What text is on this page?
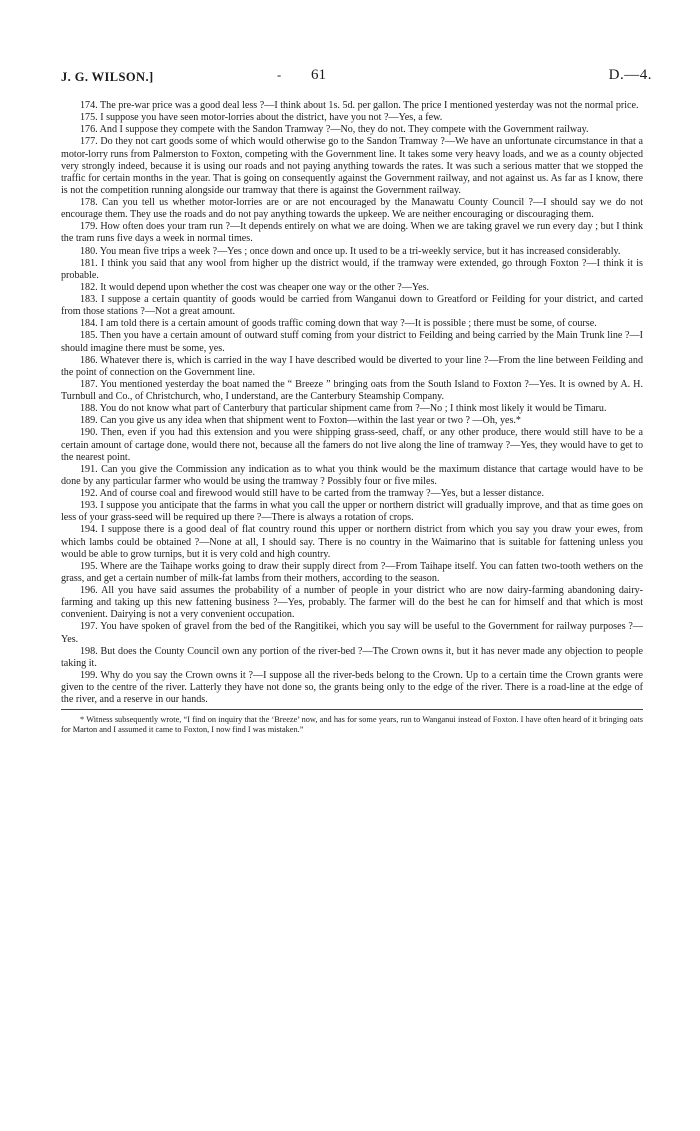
J. G. WILSON.]	- 61	D.—4.

174. The pre-war price was a good deal less ?—I think about 1s. 5d. per gallon. The price I mentioned yesterday was not the normal price.

175. I suppose you have seen motor-lorries about the district, have you not ?—Yes, a few.

176. And I suppose they compete with the Sandon Tramway ?—No, they do not. They compete with the Government railway.

177. Do they not cart goods some of which would otherwise go to the Sandon Tramway ?—We have an unfortunate circumstance in that a motor-lorry runs from Palmerston to Foxton, competing with the Government line. It takes some very heavy loads, and we as a county objected very strongly indeed, because it is using our roads and not paying anything towards the rates. It was such a serious matter that we stopped the traffic for certain months in the year. That is going on consequently against the Government railway, and not against us. As far as I know, there is not the competition running alongside our tramway that there is against the Government railway.

178. Can you tell us whether motor-lorries are or are not encouraged by the Manawatu County Council ?—I should say we do not encourage them. They use the roads and do not pay anything towards the upkeep. We are neither encouraging or discouraging them.

179. How often does your tram run ?—It depends entirely on what we are doing. When we are taking gravel we run every day ; but I think the tram runs five days a week in normal times.

180. You mean five trips a week ?—Yes ; once down and once up. It used to be a tri-weekly service, but it has increased considerably.

181. I think you said that any wool from higher up the district would, if the tramway were extended, go through Foxton ?—I think it is probable.

182. It would depend upon whether the cost was cheaper one way or the other ?—Yes.

183. I suppose a certain quantity of goods would be carried from Wanganui down to Greatford or Feilding for your district, and carted from those stations ?—Not a great amount.

184. I am told there is a certain amount of goods traffic coming down that way ?—It is possible ; there must be some, of course.

185. Then you have a certain amount of outward stuff coming from your district to Feilding and being carried by the Main Trunk line ?—I should imagine there must be some, yes.

186. Whatever there is, which is carried in the way I have described would be diverted to your line ?—From the line between Feilding and the point of connection on the Government line.

187. You mentioned yesterday the boat named the “ Breeze ” bringing oats from the South Island to Foxton ?—Yes. It is owned by A. H. Turnbull and Co., of Christchurch, who, I understand, are the Canterbury Steamship Company.

188. You do not know what part of Canterbury that particular shipment came from ?—No ; I think most likely it would be Timaru.

189. Can you give us any idea when that shipment went to Foxton—within the last year or two ? —Oh, yes.*

190. Then, even if you had this extension and you were shipping grass-seed, chaff, or any other produce, there would still have to be a certain amount of cartage done, would there not, because all the famers do not live along the line of tramway ?—Yes, they would have to get to the nearest point.

191. Can you give the Commission any indication as to what you think would be the maximum distance that cartage would have to be done by any particular farmer who would be using the tramway ? Possibly four or five miles.

192. And of course coal and firewood would still have to be carted from the tramway ?—Yes, but a lesser distance.

193. I suppose you anticipate that the farms in what you call the upper or northern district will gradually improve, and that as time goes on less of your grass-seed will be required up there ?—There is always a rotation of crops.

194. I suppose there is a good deal of flat country round this upper or northern district from which you say you draw your ewes, from which lambs could be obtained ?—None at all, I should say. There is no country in the Waimarino that is suitable for fattening unless you would be able to grow turnips, but it is very cold and high country.

195. Where are the Taihape works going to draw their supply direct from ?—From Taihape itself. You can fatten two-tooth wethers on the grass, and get a certain number of milk-fat lambs from their mothers, according to the season.

196. All you have said assumes the probability of a number of people in your district who are now dairy-farming abandoning dairy-farming and taking up this new fattening business ?—Yes, probably. The farmer will do the best he can for himself and that which is most convenient. Dairying is not a very convenient occupation.

197. You have spoken of gravel from the bed of the Rangitikei, which you say will be useful to the Government for railway purposes ?—Yes.

198. But does the County Council own any portion of the river-bed ?—The Crown owns it, but it has never made any objection to people taking it.

199. Why do you say the Crown owns it ?—I suppose all the river-beds belong to the Crown. Up to a certain time the Crown grants were given to the centre of the river. Latterly they have not done so, the grants being only to the edge of the river. There is a road-line at the edge of the river, and a reserve in our hands.

* Witness subsequently wrote, “I find on inquiry that the ‘Breeze’ now, and has for some years, run to Wanganui instead of Foxton. I have often heard of it bringing oats for Marton and I assumed it came to Foxton, I now find I was mistaken.”
